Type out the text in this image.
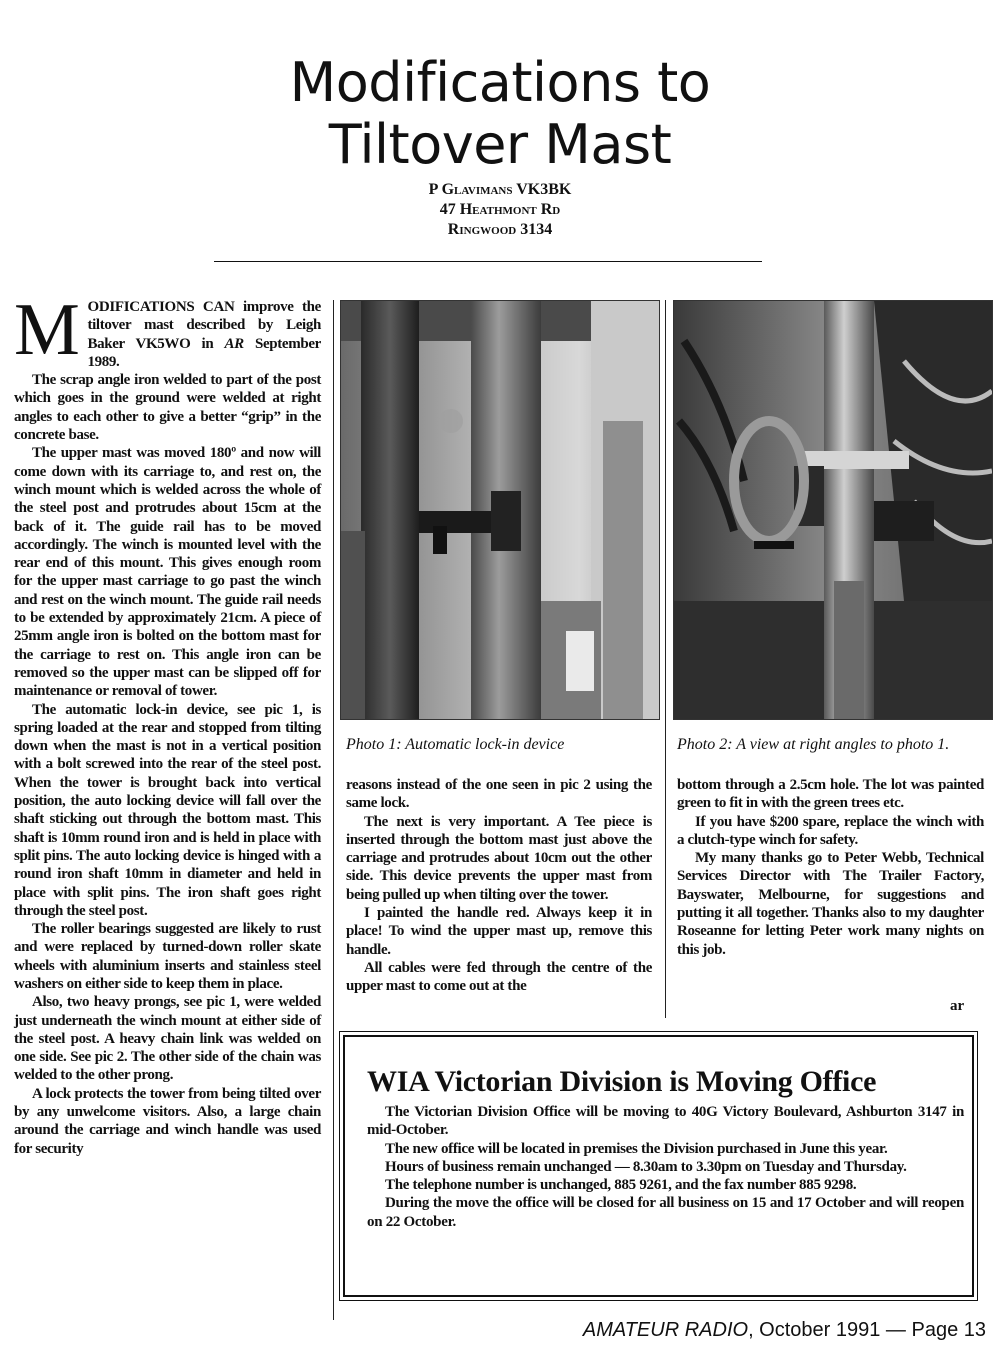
Modifications to
Tiltover Mast
P Glavimans VK3BK
47 Heathmont Rd
Ringwood 3134

MODIFICATIONS CAN improve the tiltover mast described by Leigh Baker VK5WO in AR September 1989.

The scrap angle iron welded to part of the post which goes in the ground were welded at right angles to each other to give a better “grip” in the concrete base.

The upper mast was moved 180º and now will come down with its carriage to, and rest on, the winch mount which is welded across the whole of the steel post and protrudes about 15cm at the back of it. The guide rail has to be moved accordingly. The winch is mounted level with the rear end of this mount. This gives enough room for the upper mast carriage to go past the winch and rest on the winch mount. The guide rail needs to be extended by approximately 21cm. A piece of 25mm angle iron is bolted on the bottom mast for the carriage to rest on. This angle iron can be removed so the upper mast can be slipped off for maintenance or removal of tower.

The automatic lock-in device, see pic 1, is spring loaded at the rear and stopped from tilting down when the mast is not in a vertical position with a bolt screwed into the rear of the steel post. When the tower is brought back into vertical position, the auto locking device will fall over the shaft sticking out through the bottom mast. This shaft is 10mm round iron and is held in place with split pins. The auto locking device is hinged with a round iron shaft 10mm in diameter and held in place with split pins. The iron shaft goes right through the steel post.

The roller bearings suggested are likely to rust and were replaced by turned-down roller skate wheels with aluminium inserts and stainless steel washers on either side to keep them in place.

Also, two heavy prongs, see pic 1, were welded just underneath the winch mount at either side of the steel post. A heavy chain link was welded on one side. See pic 2. The other side of the chain was welded to the other prong.

A lock protects the tower from being tilted over by any unwelcome visitors. Also, a large chain around the carriage and winch handle was used for security

Photo 1: Automatic lock-in device	Photo 2: A view at right angles to photo 1.

reasons instead of the one seen in pic 2 using the same lock.

The next is very important. A Tee piece is inserted through the bottom mast just above the carriage and protrudes about 10cm out the other side. This device prevents the upper mast from being pulled up when tilting over the tower.

I painted the handle red. Always keep it in place! To wind the upper mast up, remove this handle.

All cables were fed through the centre of the upper mast to come out at the

bottom through a 2.5cm hole. The lot was painted green to fit in with the green trees etc.

If you have $200 spare, replace the winch with a clutch-type winch for safety.

My many thanks go to Peter Webb, Technical Services Director with The Trailer Factory, Bayswater, Melbourne, for suggestions and putting it all together. Thanks also to my daughter Roseanne for letting Peter work many nights on this job.

ar
WIA Victorian Division is Moving Office

The Victorian Division Office will be moving to 40G Victory Boulevard, Ashburton 3147 in mid-October.

The new office will be located in premises the Division purchased in June this year.

Hours of business remain unchanged — 8.30am to 3.30pm on Tuesday and Thursday.

The telephone number is unchanged, 885 9261, and the fax number 885 9298.

During the move the office will be closed for all business on 15 and 17 October and will reopen on 22 October.

AMATEUR RADIO, October 1991 — Page 13
